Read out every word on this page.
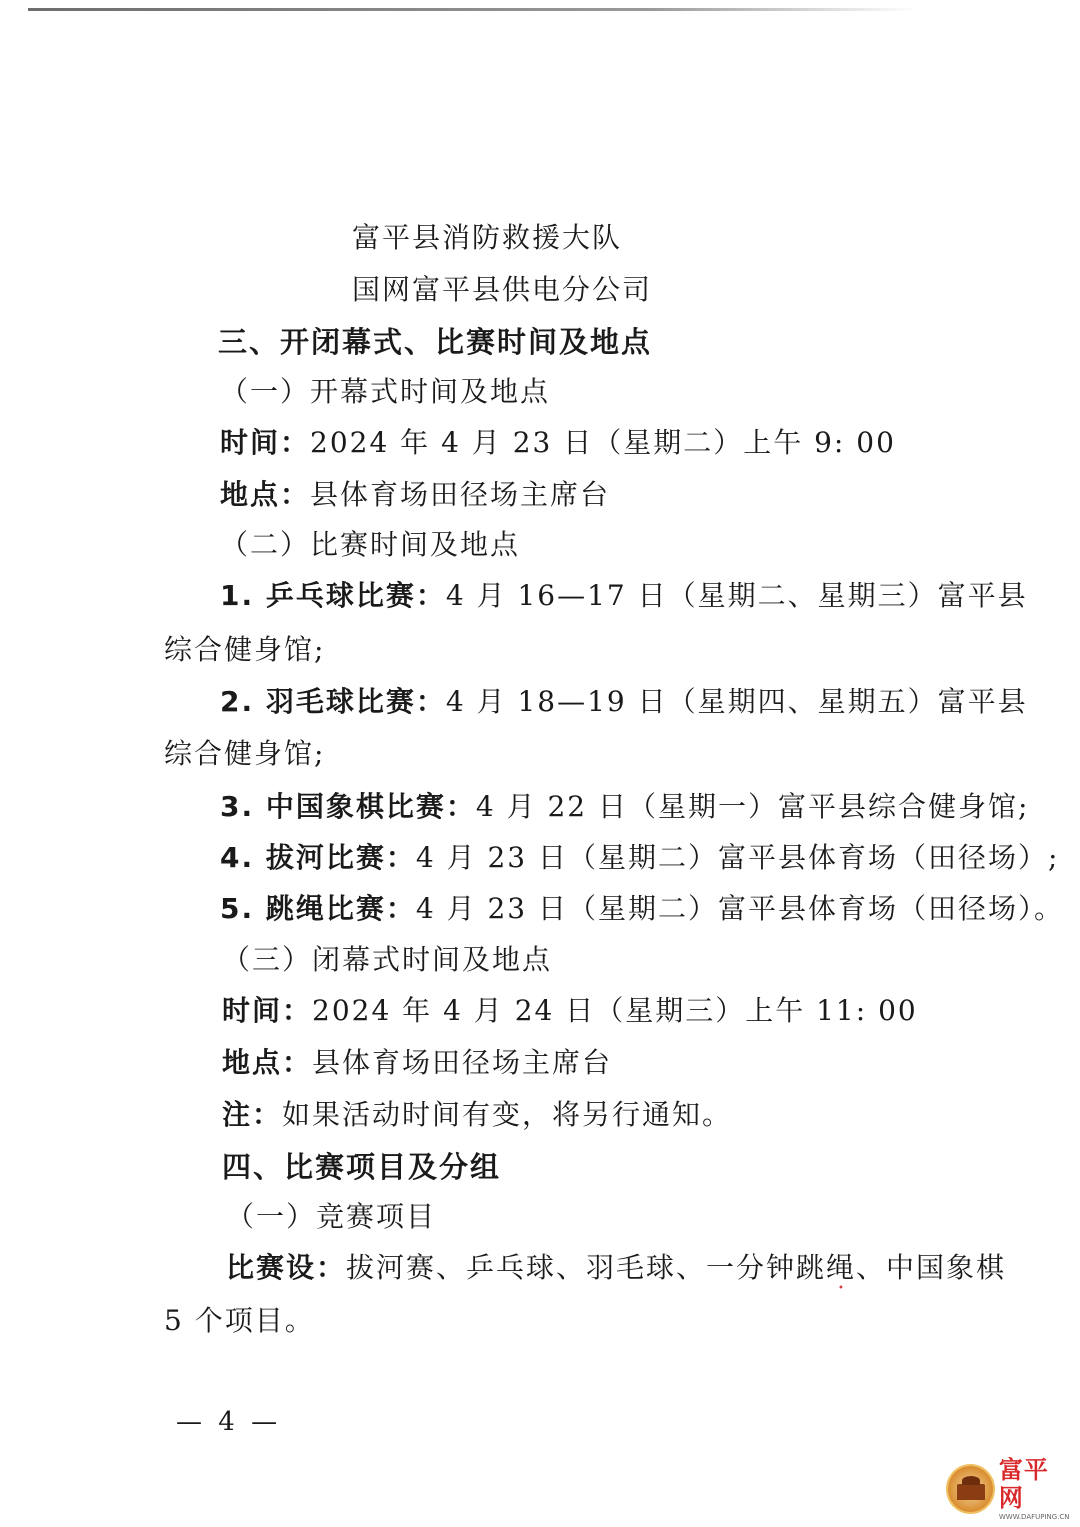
富平县消防救援大队
国网富平县供电分公司
三、开闭幕式、比赛时间及地点
（一）开幕式时间及地点
时间：2024 年 4 月 23 日（星期二）上午 9: 00
地点：县体育场田径场主席台
（二）比赛时间及地点
1. 乒乓球比赛：4 月 16—17 日（星期二、星期三）富平县
综合健身馆;
2. 羽毛球比赛：4 月 18—19 日（星期四、星期五）富平县
综合健身馆;
3. 中国象棋比赛：4 月 22 日（星期一）富平县综合健身馆;
4. 拔河比赛：4 月 23 日（星期二）富平县体育场（田径场）;
5. 跳绳比赛：4 月 23 日（星期二）富平县体育场（田径场）。
（三）闭幕式时间及地点
时间：2024 年 4 月 24 日（星期三）上午 11: 00
地点：县体育场田径场主席台
注：如果活动时间有变，将另行通知。
四、比赛项目及分组
（一）竞赛项目
比赛设：拔河赛、乒乓球、羽毛球、一分钟跳绳、中国象棋
5 个项目。
•
— 4 —
富平网
WWW.DAFUPING.CN
